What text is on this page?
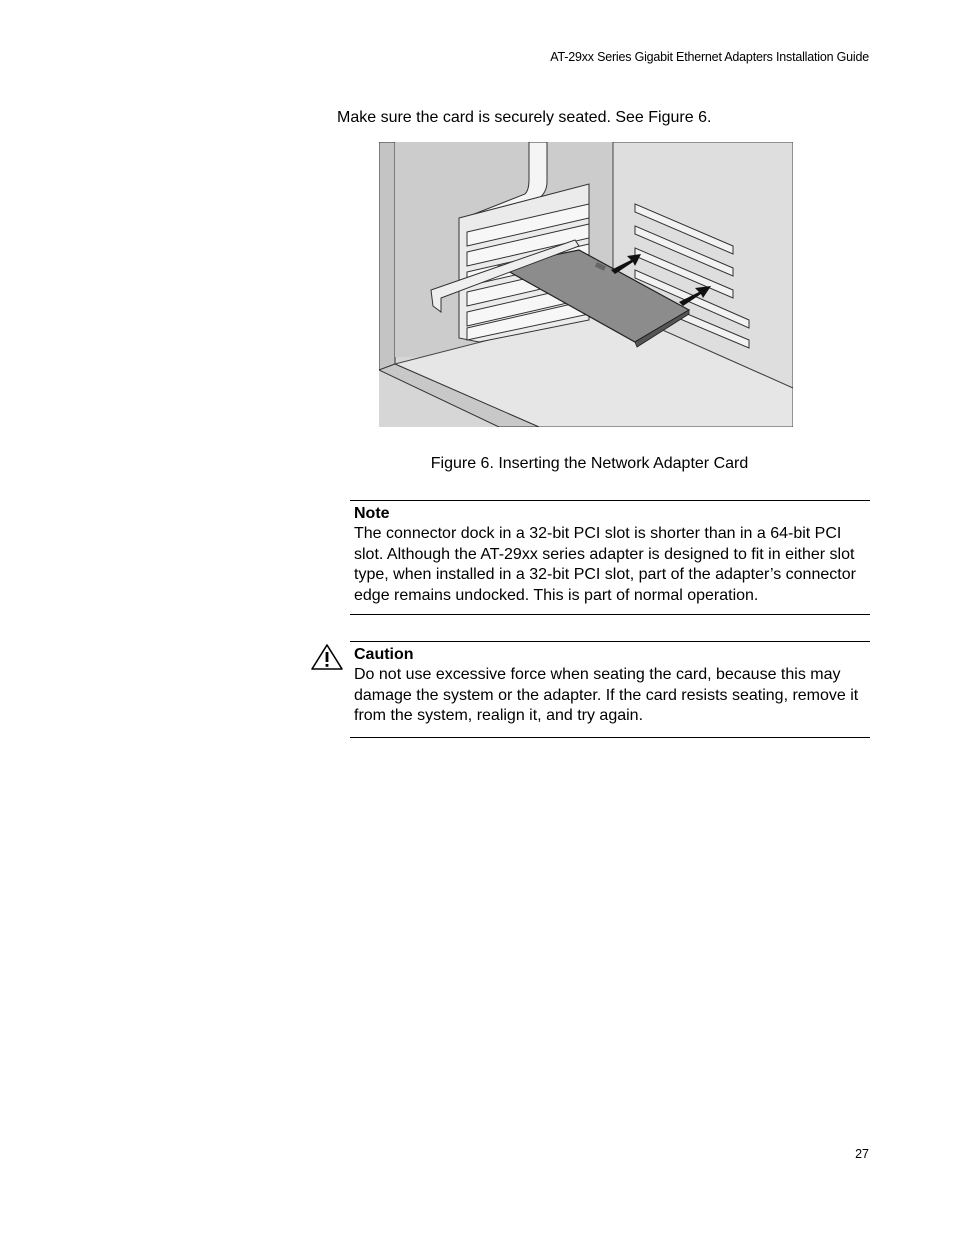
AT-29xx Series Gigabit Ethernet Adapters Installation Guide
Make sure the card is securely seated. See Figure 6.
Figure 6. Inserting the Network Adapter Card
Note
The connector dock in a 32-bit PCI slot is shorter than in a 64-bit PCI slot. Although the AT-29xx series adapter is designed to fit in either slot type, when installed in a 32-bit PCI slot, part of the adapter’s connector edge remains undocked. This is part of normal operation.
Caution
Do not use excessive force when seating the card, because this may damage the system or the adapter. If the card resists seating, remove it from the system, realign it, and try again.
27
